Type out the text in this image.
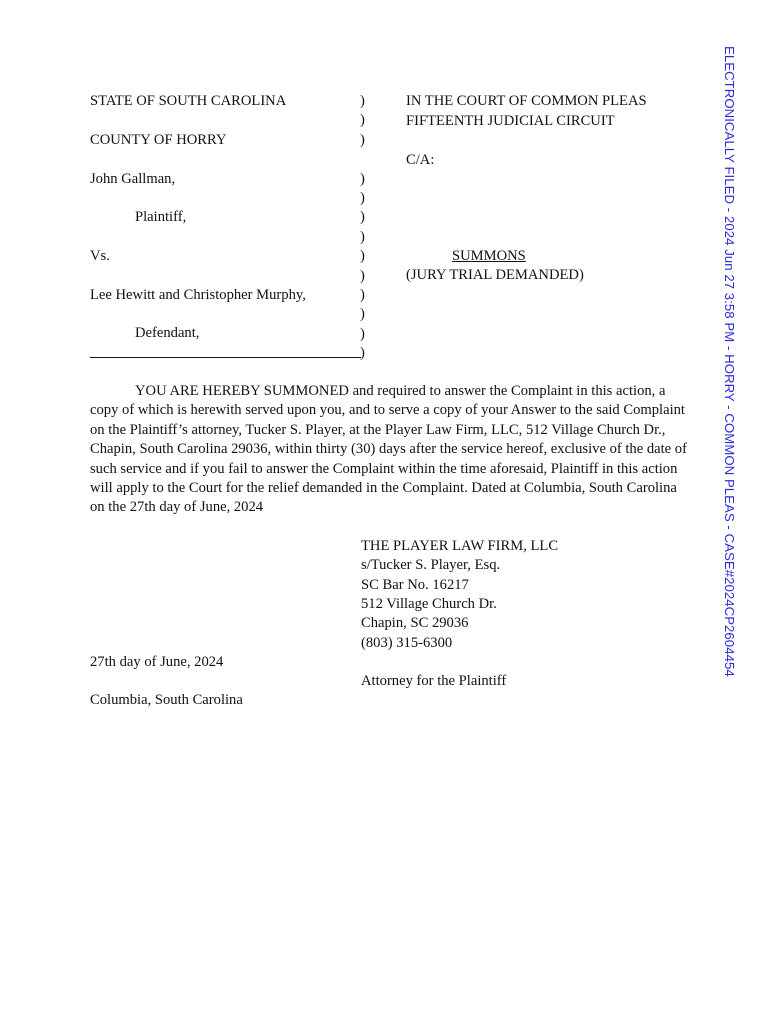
STATE OF SOUTH CAROLINA
COUNTY OF HORRY
John Gallman,
Plaintiff,
Vs.
Lee Hewitt and Christopher Murphy,
Defendant,
)
)
)
)
)
)
)
)
)
)
)
)
)
IN THE COURT OF COMMON PLEAS
FIFTEENTH JUDICIAL CIRCUIT
C/A:
SUMMONS
(JURY TRIAL DEMANDED)

YOU ARE HEREBY SUMMONED and required to answer the Complaint in this action, a copy of which is herewith served upon you, and to serve a copy of your Answer to the said Complaint on the Plaintiff’s attorney, Tucker S. Player, at the Player Law Firm, LLC, 512 Village Church Dr., Chapin, South Carolina 29036, within thirty (30) days after the service hereof, exclusive of the date of such service and if you fail to answer the Complaint within the time aforesaid, Plaintiff in this action will apply to the Court for the relief demanded in the Complaint. Dated at Columbia, South Carolina on the 27th day of June, 2024

THE PLAYER LAW FIRM, LLC
s/Tucker S. Player, Esq.
SC Bar No. 16217
512 Village Church Dr.
Chapin, SC 29036
(803) 315-6300
Attorney for the Plaintiff
27th day of June, 2024
Columbia, South Carolina
ELECTRONICALLY FILED - 2024 Jun 27 3:58 PM - HORRY - COMMON PLEAS - CASE#2024CP2604454
